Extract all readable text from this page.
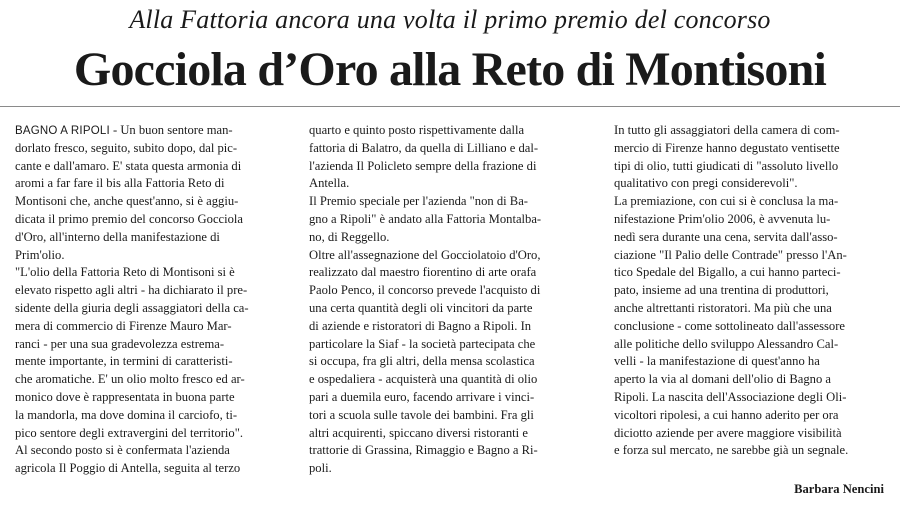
Alla Fattoria ancora una volta il primo premio del concorso
Gocciola d’Oro alla Reto di Montisoni
BAGNO A RIPOLI - Un buon sentore man-
dorlato fresco, seguito, subito dopo, dal pic-
cante e dall'amaro. E' stata questa armonia di
aromi a far fare il bis alla Fattoria Reto di
Montisoni che, anche quest'anno, si è aggiu-
dicata il primo premio del concorso Gocciola
d'Oro, all'interno della manifestazione di
Prim'olio.
"L'olio della Fattoria Reto di Montisoni si è
elevato rispetto agli altri - ha dichiarato il pre-
sidente della giuria degli assaggiatori della ca-
mera di commercio di Firenze Mauro Mar-
ranci - per una sua gradevolezza estrema-
mente importante, in termini di caratteristi-
che aromatiche. E' un olio molto fresco ed ar-
monico dove è rappresentata in buona parte
la mandorla, ma dove domina il carciofo, ti-
pico sentore degli extravergini del territorio".
Al secondo posto si è confermata l'azienda
agricola Il Poggio di Antella, seguita al terzo
quarto e quinto posto rispettivamente dalla
fattoria di Balatro, da quella di Lilliano e dal-
l'azienda Il Policleto sempre della frazione di
Antella.
Il Premio speciale per l'azienda "non di Ba-
gno a Ripoli" è andato alla Fattoria Montalba-
no, di Reggello.
Oltre all'assegnazione del Gocciolatoio d'Oro,
realizzato dal maestro fiorentino di arte orafa
Paolo Penco, il concorso prevede l'acquisto di
una certa quantità degli oli vincitori da parte
di aziende e ristoratori di Bagno a Ripoli. In
particolare la Siaf - la società partecipata che
si occupa, fra gli altri, della mensa scolastica
e ospedaliera - acquisterà una quantità di olio
pari a duemila euro, facendo arrivare i vinci-
tori a scuola sulle tavole dei bambini. Fra gli
altri acquirenti, spiccano diversi ristoranti e
trattorie di Grassina, Rimaggio e Bagno a Ri-
poli.
In tutto gli assaggiatori della camera di com-
mercio di Firenze hanno degustato ventisette
tipi di olio, tutti giudicati di "assoluto livello
qualitativo con pregi considerevoli".
La premiazione, con cui si è conclusa la ma-
nifestazione Prim'olio 2006, è avvenuta lu-
nedì sera durante una cena, servita dall'asso-
ciazione "Il Palio delle Contrade" presso l'An-
tico Spedale del Bigallo, a cui hanno parteci-
pato, insieme ad una trentina di produttori,
anche altrettanti ristoratori. Ma più che una
conclusione - come sottolineato dall'assessore
alle politiche dello sviluppo Alessandro Cal-
velli - la manifestazione di quest'anno ha
aperto la via al domani dell'olio di Bagno a
Ripoli. La nascita dell'Associazione degli Oli-
vicoltori ripolesi, a cui hanno aderito per ora
diciotto aziende per avere maggiore visibilità
e forza sul mercato, ne sarebbe già un segnale.
Barbara Nencini
